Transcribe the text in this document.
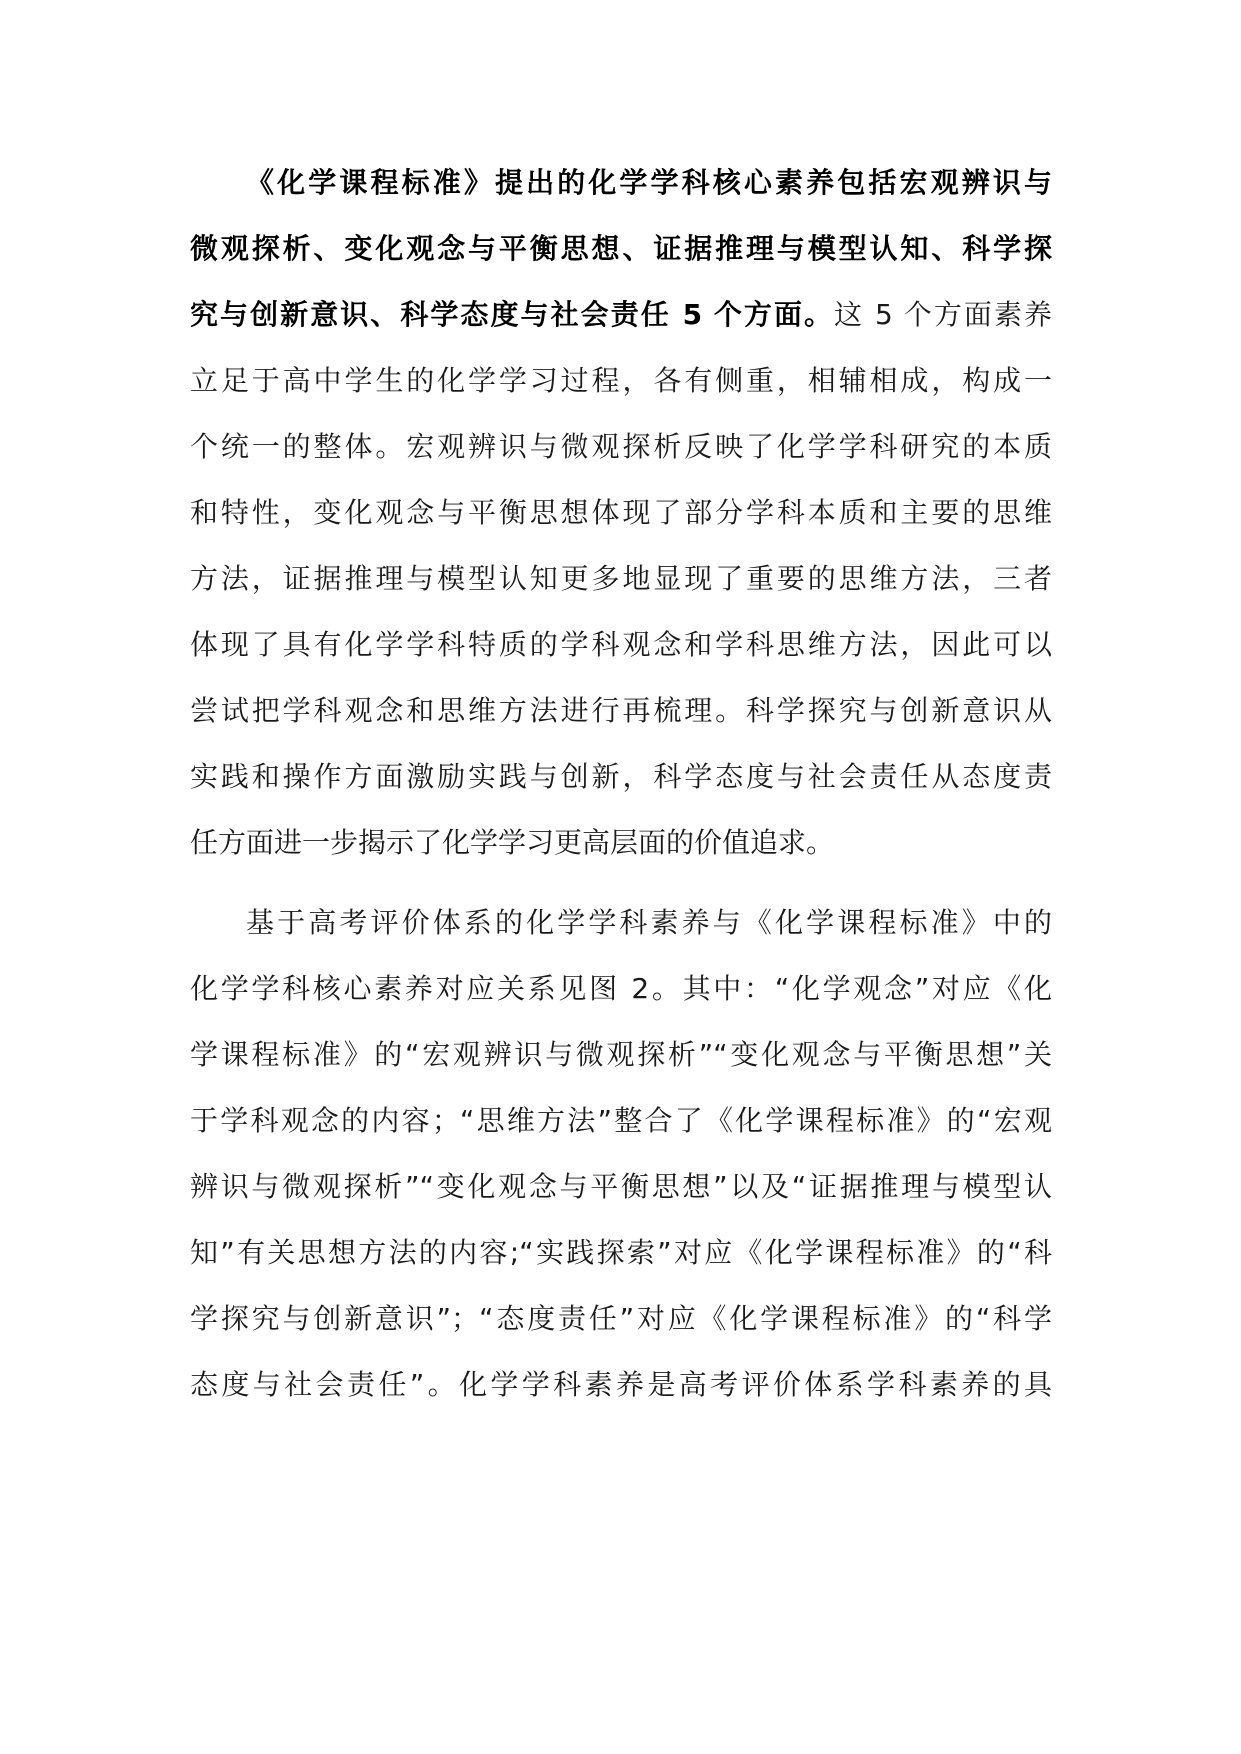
《化学课程标准》提出的化学学科核心素养包括宏观辨识与
微观探析、变化观念与平衡思想、证据推理与模型认知、科学探
究与创新意识、科学态度与社会责任 5 个方面。这 5 个方面素养
立足于高中学生的化学学习过程，各有侧重，相辅相成，构成一
个统一的整体。宏观辨识与微观探析反映了化学学科研究的本质
和特性，变化观念与平衡思想体现了部分学科本质和主要的思维
方法，证据推理与模型认知更多地显现了重要的思维方法，三者
体现了具有化学学科特质的学科观念和学科思维方法，因此可以
尝试把学科观念和思维方法进行再梳理。科学探究与创新意识从
实践和操作方面激励实践与创新，科学态度与社会责任从态度责
任方面进一步揭示了化学学习更高层面的价值追求。
基于高考评价体系的化学学科素养与《化学课程标准》中的
化学学科核心素养对应关系见图 2。其中：“化学观念”对应《化
学课程标准》的“宏观辨识与微观探析”“变化观念与平衡思想”关
于学科观念的内容；“思维方法”整合了《化学课程标准》的“宏观
辨识与微观探析”“变化观念与平衡思想”以及“证据推理与模型认
知”有关思想方法的内容;“实践探索”对应《化学课程标准》的“科
学探究与创新意识”；“态度责任”对应《化学课程标准》的“科学
态度与社会责任”。化学学科素养是高考评价体系学科素养的具
